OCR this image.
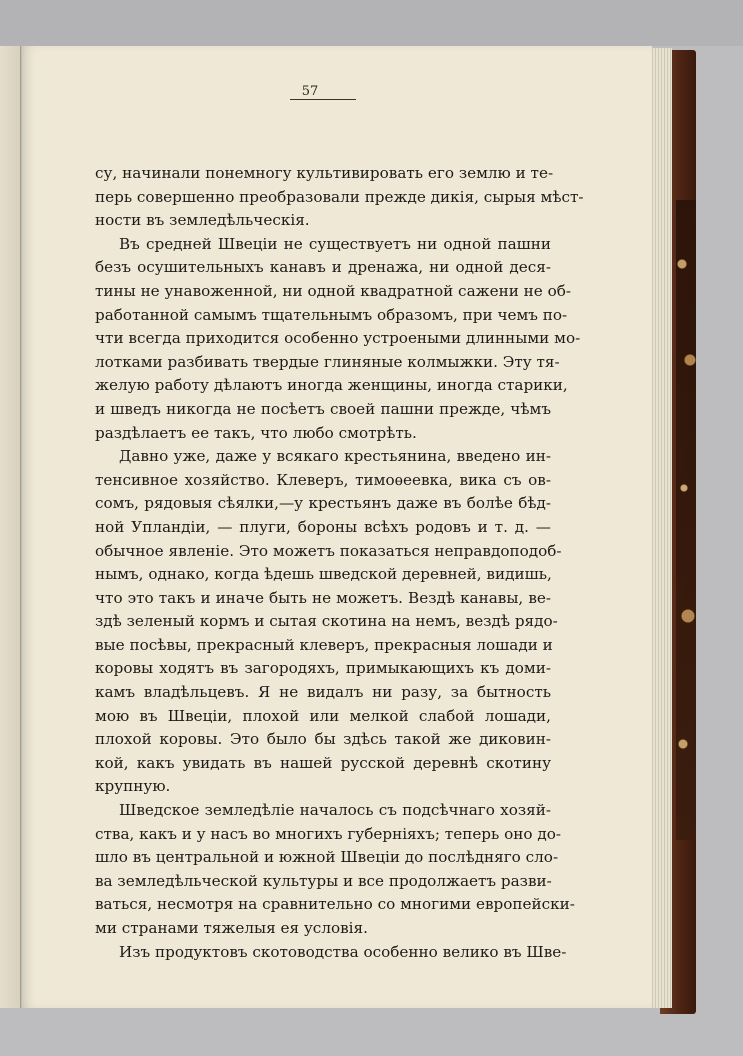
57
су, начинали понемногу культивировать его землю и те-
перь совершенно преобразовали прежде дикія, сырыя мѣст-
ности въ земледѣльческія.
Въ средней Швеціи не существуетъ ни одной пашни
безъ осушительныхъ канавъ и дренажа, ни одной деся-
тины не унавоженной, ни одной квадратной сажени не об-
работанной самымъ тщательнымъ образомъ, при чемъ по-
чти всегда приходится особенно устроеными длинными мо-
лотками разбивать твердые глиняные колмыжки. Эту тя-
желую работу дѣлаютъ иногда женщины, иногда старики,
и шведъ никогда не посѣетъ своей пашни прежде, чѣмъ
раздѣлаетъ ее такъ, что любо смотрѣть.
Давно уже, даже у всякаго крестьянина, введено ин-
тенсивное хозяйство. Клеверъ, тимоѳеевка, вика съ ов-
сомъ, рядовыя сѣялки,—у крестьянъ даже въ болѣе бѣд-
ной Упландіи, — плуги, бороны всѣхъ родовъ и т. д. —
обычное явленіе. Это можетъ показаться неправдоподоб-
нымъ, однако, когда ѣдешь шведской деревней, видишь,
что это такъ и иначе быть не можетъ. Вездѣ канавы, ве-
здѣ зеленый кормъ и сытая скотина на немъ, вездѣ рядо-
вые посѣвы, прекрасный клеверъ, прекрасныя лошади и
коровы ходятъ въ загородяхъ, примыкающихъ къ доми-
камъ владѣльцевъ. Я не видалъ ни разу, за бытность
мою въ Швеціи, плохой или мелкой слабой лошади,
плохой коровы. Это было бы здѣсь такой же диковин-
кой, какъ увидать въ нашей русской деревнѣ скотину
крупную.
Шведское земледѣліе началось съ подсѣчнаго хозяй-
ства, какъ и у насъ во многихъ губерніяхъ; теперь оно до-
шло въ центральной и южной Швеціи до послѣдняго сло-
ва земледѣльческой культуры и все продолжаетъ разви-
ваться, несмотря на сравнительно со многими европейски-
ми странами тяжелыя ея условія.
Изъ продуктовъ скотоводства особенно велико въ Шве-
